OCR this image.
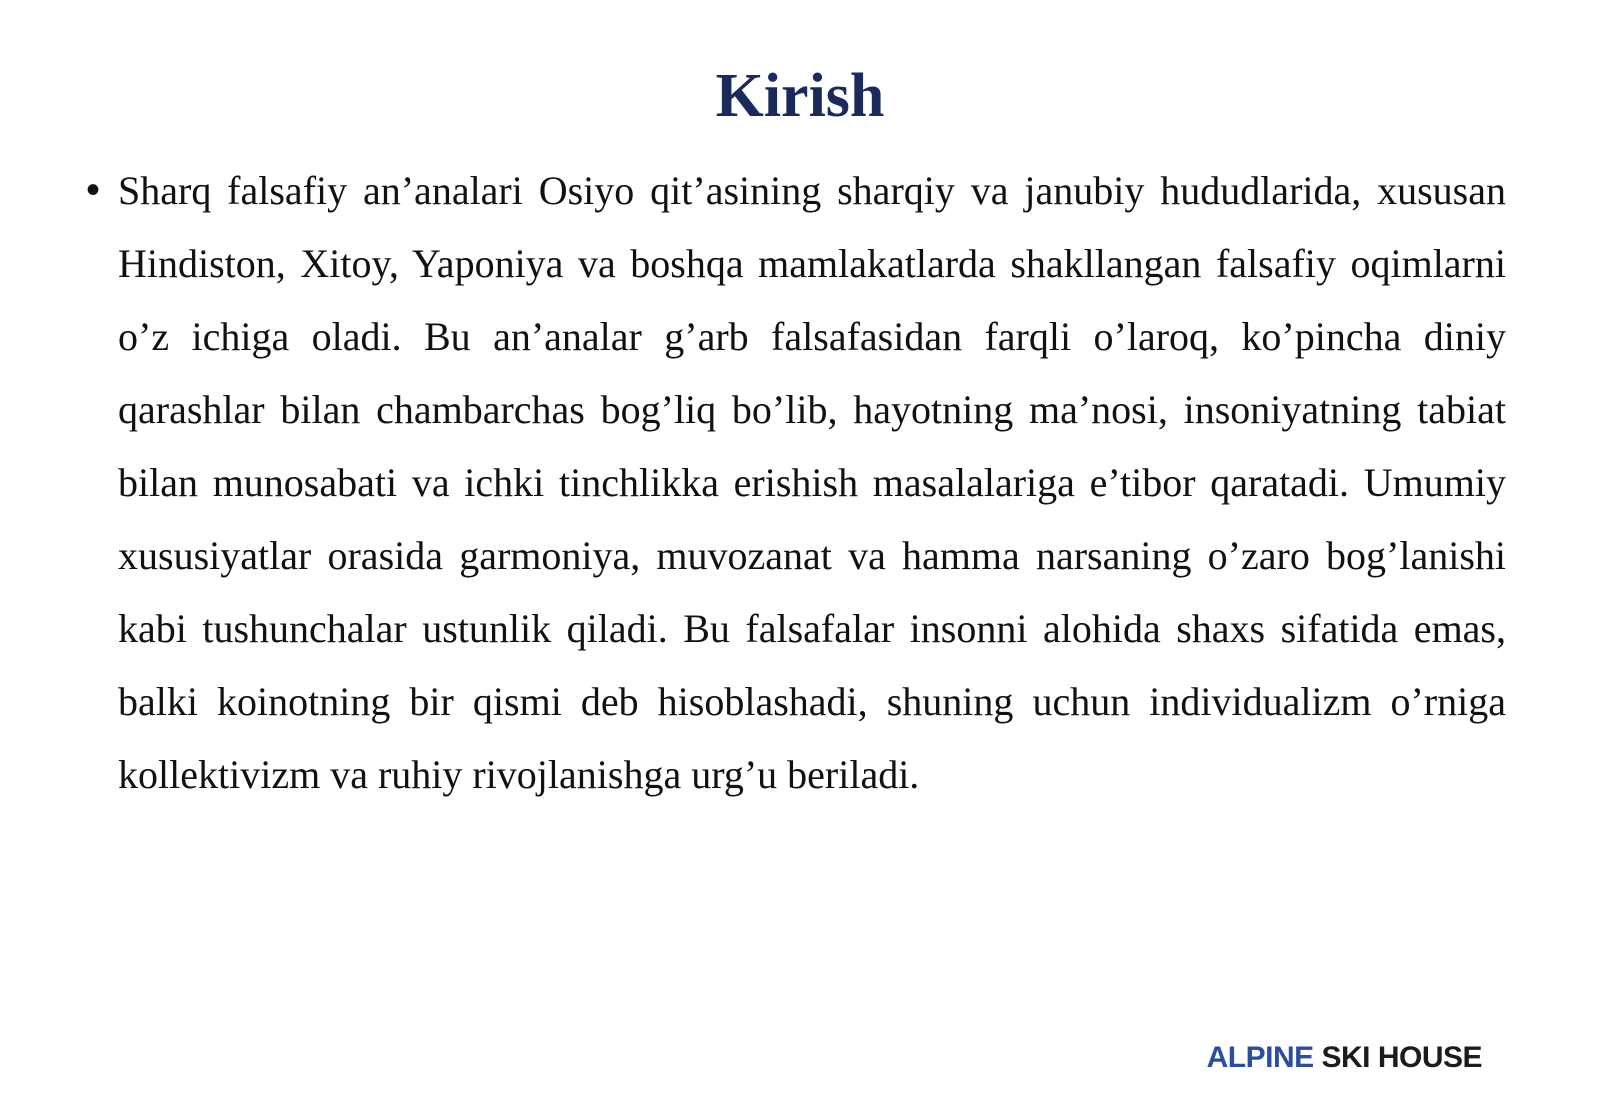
Kirish
• Sharq falsafiy an’analari Osiyo qit’asining sharqiy va janubiy hududlarida, xususan Hindiston, Xitoy, Yaponiya va boshqa mamlakatlarda shakllangan falsafiy oqimlarni o’z ichiga oladi. Bu an’analar g’arb falsafasidan farqli o’laroq, ko’pincha diniy qarashlar bilan chambarchas bog’liq bo’lib, hayotning ma’nosi, insoniyatning tabiat bilan munosabati va ichki tinchlikka erishish masalalariga e’tibor qaratadi. Umumiy xususiyatlar orasida garmoniya, muvozanat va hamma narsaning o’zaro bog’lanishi kabi tushunchalar ustunlik qiladi. Bu falsafalar insonni alohida shaxs sifatida emas, balki koinotning bir qismi deb hisoblashadi, shuning uchun individualizm o’rniga kollektivizm va ruhiy rivojlanishga urg’u beriladi.
ALPINE SKI HOUSE
